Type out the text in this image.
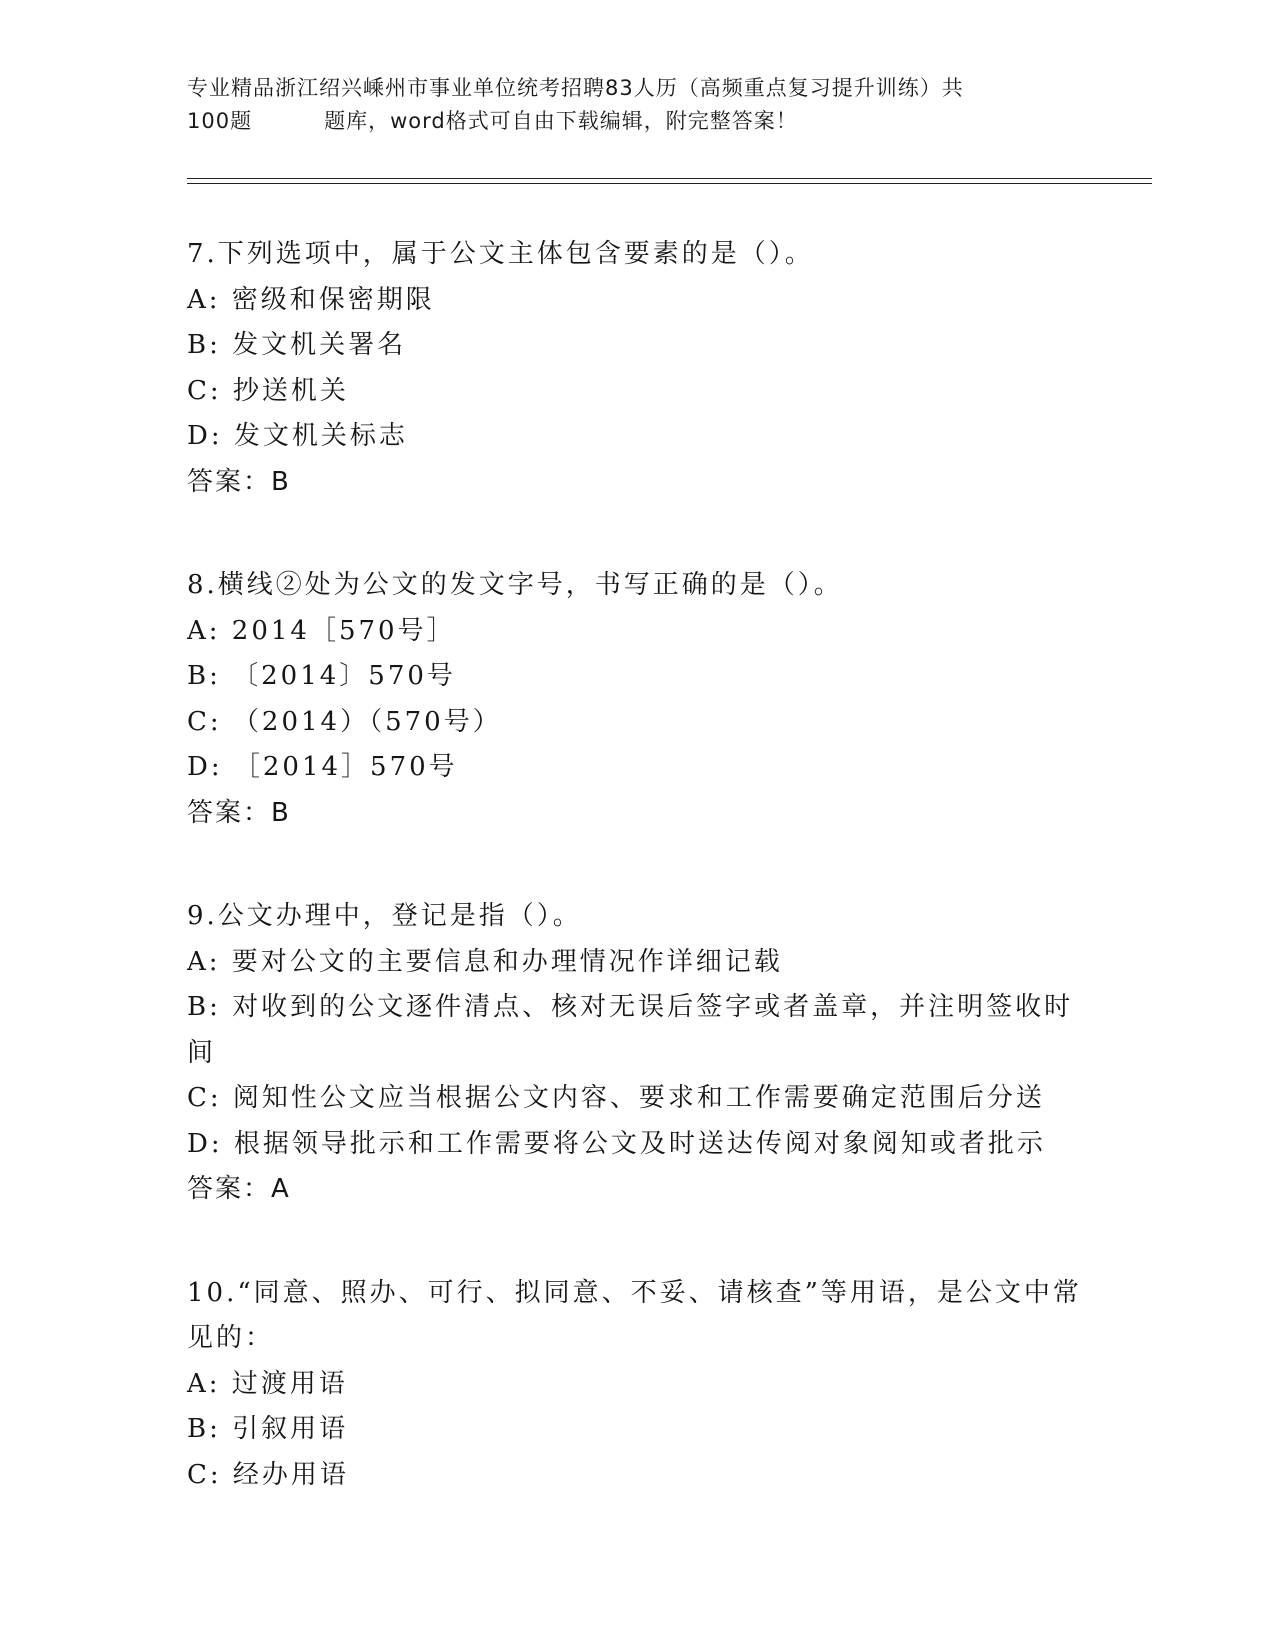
专业精品浙江绍兴嵊州市事业单位统考招聘83人历（高频重点复习提升训练）共
100题	题库，word格式可自由下载编辑，附完整答案！

7.下列选项中，属于公文主体包含要素的是（）。

A: 密级和保密期限

B: 发文机关署名

C: 抄送机关

D: 发文机关标志

答案：B

8.横线②处为公文的发文字号，书写正确的是（）。

A: 2014［570号］

B: 〔2014〕570号

C: （2014）（570号）

D: ［2014］570号

答案：B

9.公文办理中，登记是指（）。

A: 要对公文的主要信息和办理情况作详细记载

B: 对收到的公文逐件清点、核对无误后签字或者盖章，并注明签收时间

C: 阅知性公文应当根据公文内容、要求和工作需要确定范围后分送

D: 根据领导批示和工作需要将公文及时送达传阅对象阅知或者批示

答案：A

10.“同意、照办、可行、拟同意、不妥、请核查”等用语，是公文中常见的：

A: 过渡用语

B: 引叙用语

C: 经办用语
